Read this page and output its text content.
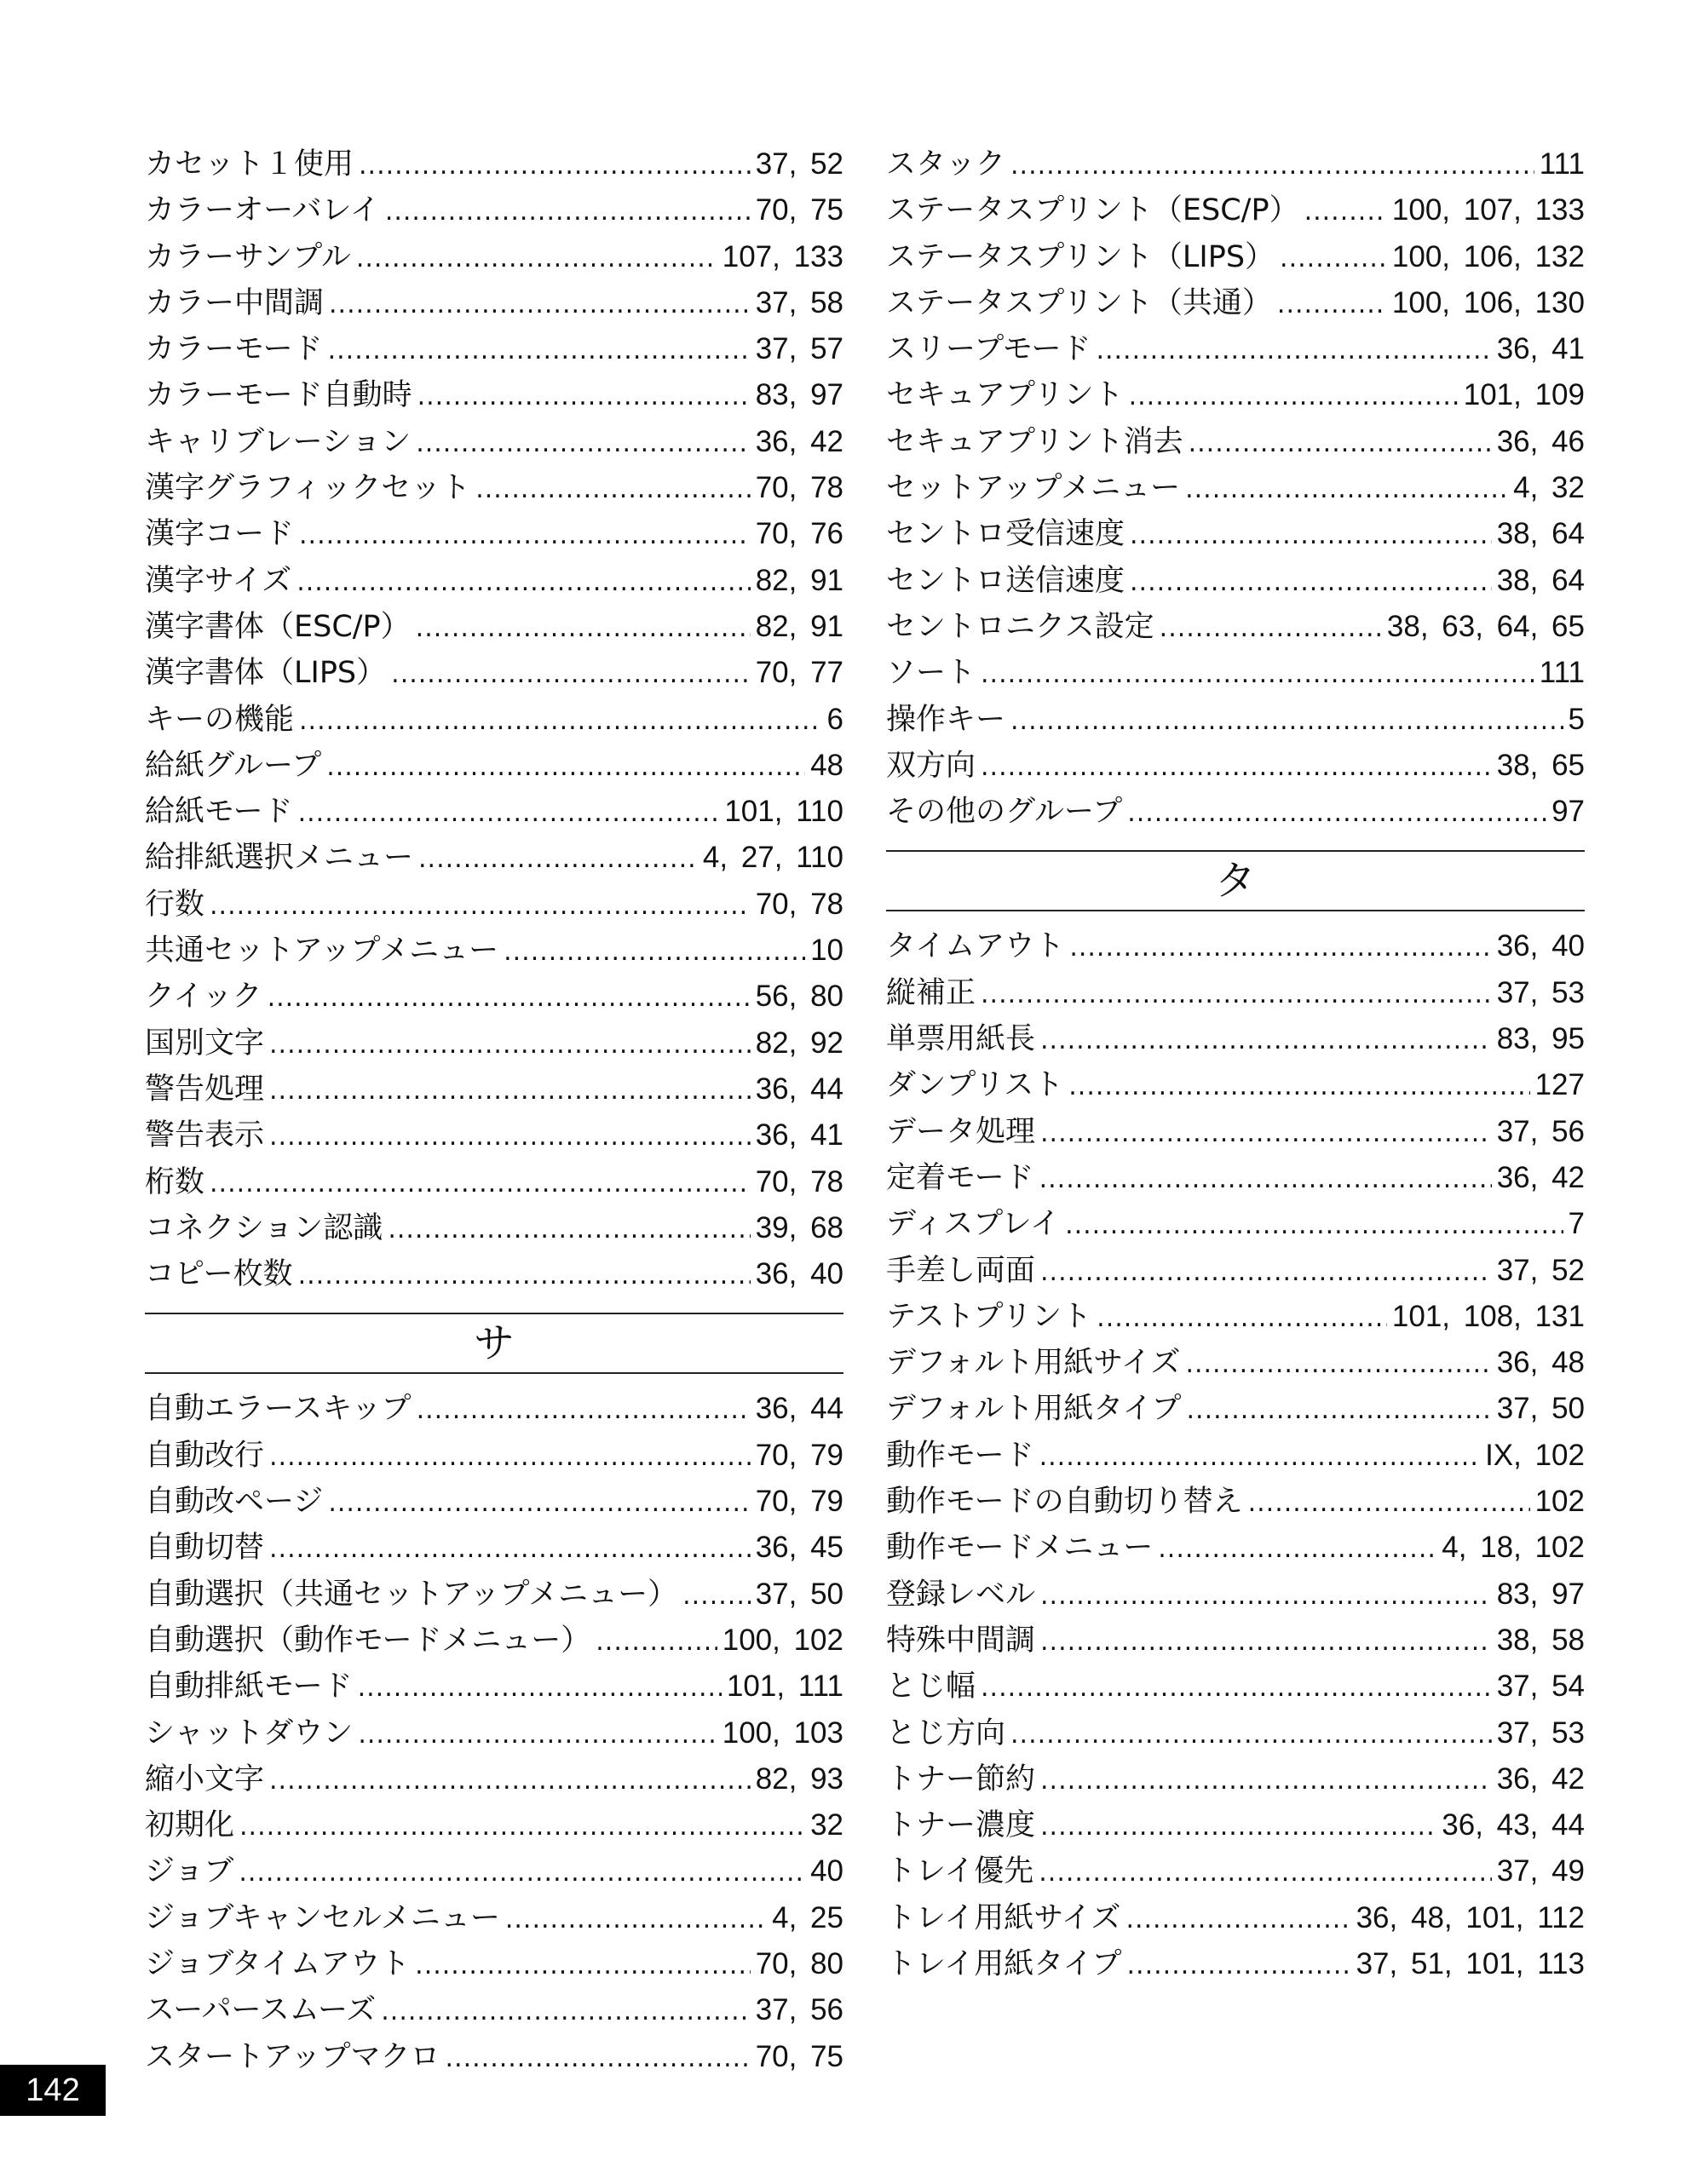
カセット１使用 .....	37, 52
カラーオーバレイ .....	70, 75
カラーサンプル .....	107, 133
カラー中間調 .....	37, 58
カラーモード .....	37, 57
カラーモード自動時 .....	83, 97
キャリブレーション .....	36, 42
漢字グラフィックセット .....	70, 78
漢字コード .....	70, 76
漢字サイズ .....	82, 91
漢字書体（ESC/P） .....	82, 91
漢字書体（LIPS） .....	70, 77
キーの機能 .....	6
給紙グループ .....	48
給紙モード .....	101, 110
給排紙選択メニュー .....	4, 27, 110
行数 .....	70, 78
共通セットアップメニュー .....	10
クイック .....	56, 80
国別文字 .....	82, 92
警告処理 .....	36, 44
警告表示 .....	36, 41
桁数 .....	70, 78
コネクション認識 .....	39, 68
コピー枚数 .....	36, 40
サ
自動エラースキップ .....	36, 44
自動改行 .....	70, 79
自動改ページ .....	70, 79
自動切替 .....	36, 45
自動選択（共通セットアップメニュー） .....	37, 50
自動選択（動作モードメニュー） .....	100, 102
自動排紙モード .....	101, 111
シャットダウン .....	100, 103
縮小文字 .....	82, 93
初期化 .....	32
ジョブ .....	40
ジョブキャンセルメニュー .....	4, 25
ジョブタイムアウト .....	70, 80
スーパースムーズ .....	37, 56
スタートアップマクロ .....	70, 75
スタック .....	111
ステータスプリント（ESC/P） .....	100, 107, 133
ステータスプリント（LIPS） .....	100, 106, 132
ステータスプリント（共通） .....	100, 106, 130
スリープモード .....	36, 41
セキュアプリント .....	101, 109
セキュアプリント消去 .....	36, 46
セットアップメニュー .....	4, 32
セントロ受信速度 .....	38, 64
セントロ送信速度 .....	38, 64
セントロニクス設定 .....	38, 63, 64, 65
ソート .....	111
操作キー .....	5
双方向 .....	38, 65
その他のグループ .....	97
タ
タイムアウト .....	36, 40
縦補正 .....	37, 53
単票用紙長 .....	83, 95
ダンプリスト .....	127
データ処理 .....	37, 56
定着モード .....	36, 42
ディスプレイ .....	7
手差し両面 .....	37, 52
テストプリント .....	101, 108, 131
デフォルト用紙サイズ .....	36, 48
デフォルト用紙タイプ .....	37, 50
動作モード .....	IX, 102
動作モードの自動切り替え .....	102
動作モードメニュー .....	4, 18, 102
登録レベル .....	83, 97
特殊中間調 .....	38, 58
とじ幅 .....	37, 54
とじ方向 .....	37, 53
トナー節約 .....	36, 42
トナー濃度 .....	36, 43, 44
トレイ優先 .....	37, 49
トレイ用紙サイズ .....	36, 48, 101, 112
トレイ用紙タイプ .....	37, 51, 101, 113
142
